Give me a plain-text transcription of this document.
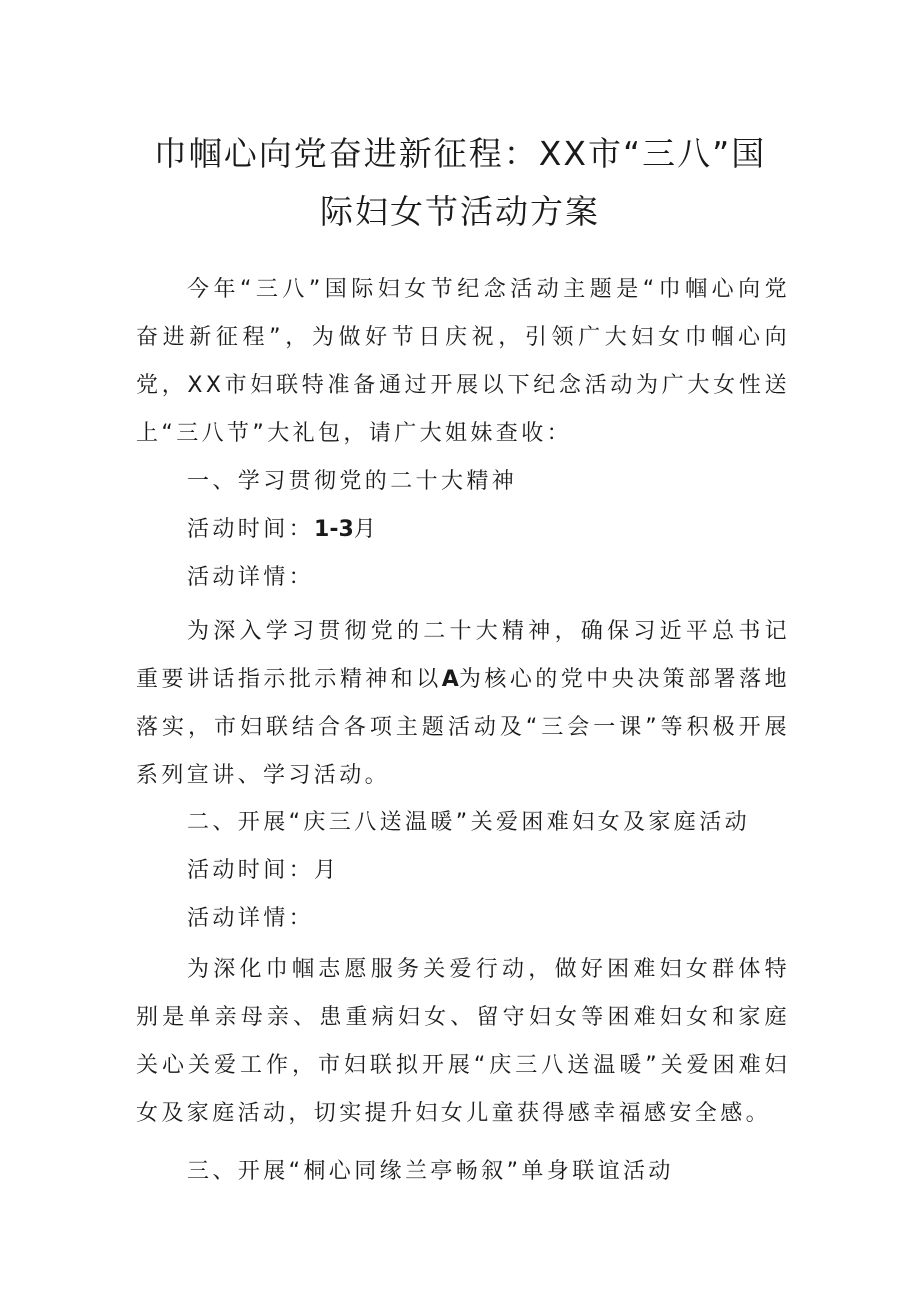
巾帼心向党奋进新征程：XX市“三八”国
际妇女节活动方案

今年“三八”国际妇女节纪念活动主题是“巾帼心向党奋进新征程”，为做好节日庆祝，引领广大妇女巾帼心向党，XX市妇联特准备通过开展以下纪念活动为广大女性送上“三八节”大礼包，请广大姐妹查收：

一、学习贯彻党的二十大精神

活动时间：1-3月

活动详情：

为深入学习贯彻党的二十大精神，确保习近平总书记重要讲话指示批示精神和以A为核心的党中央决策部署落地落实，市妇联结合各项主题活动及“三会一课”等积极开展系列宣讲、学习活动。

二、开展“庆三八送温暖”关爱困难妇女及家庭活动

活动时间：月

活动详情：

为深化巾帼志愿服务关爱行动，做好困难妇女群体特别是单亲母亲、患重病妇女、留守妇女等困难妇女和家庭关心关爱工作，市妇联拟开展“庆三八送温暖”关爱困难妇女及家庭活动，切实提升妇女儿童获得感幸福感安全感。

三、开展“桐心同缘兰亭畅叙”单身联谊活动
